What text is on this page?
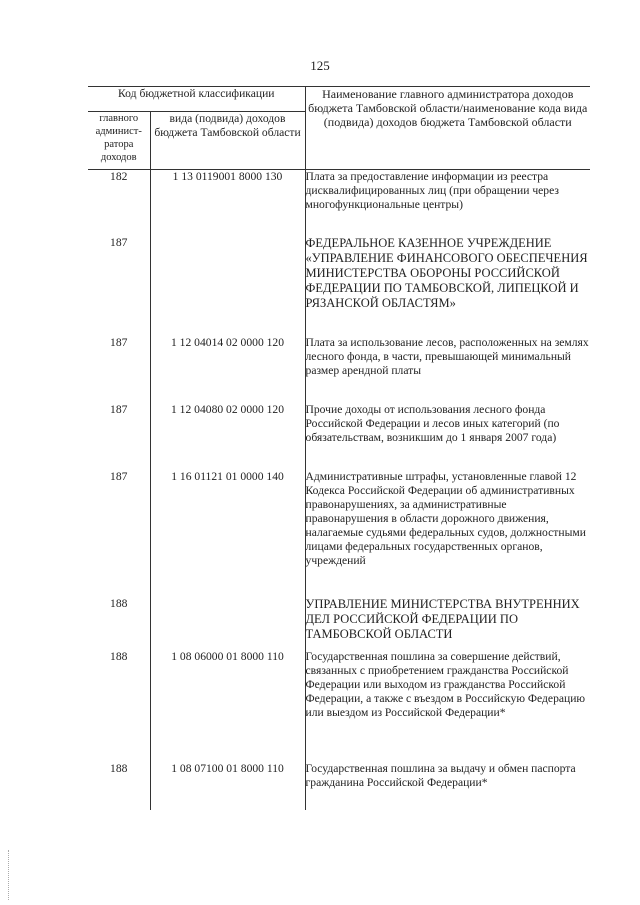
125
Код бюджетной классификации		Наименование главного администратора доходов бюджета Тамбовской области/наименование кода вида (подвида) доходов бюджета Тамбовской области
главного админист-ратора доходов	вида (подвида) доходов бюджета Тамбовской области	
182	1 13 0119001 8000 130	Плата за предоставление информации из реестра дисквалифицированных лиц (при обращении через многофункциональные центры)
187		ФЕДЕРАЛЬНОЕ КАЗЕННОЕ УЧРЕЖДЕНИЕ «УПРАВЛЕНИЕ ФИНАНСОВОГО ОБЕСПЕЧЕНИЯ МИНИСТЕРСТВА ОБОРОНЫ РОССИЙСКОЙ ФЕДЕРАЦИИ ПО ТАМБОВСКОЙ, ЛИПЕЦКОЙ И РЯЗАНСКОЙ ОБЛАСТЯМ»
187	1 12 04014 02 0000 120	Плата за использование лесов, расположенных на землях лесного фонда, в части, превышающей минимальный размер арендной платы
187	1 12 04080 02 0000 120	Прочие доходы от использования лесного фонда Российской Федерации и лесов иных категорий (по обязательствам, возникшим до 1 января 2007 года)
187	1 16 01121 01 0000 140	Административные штрафы, установленные главой 12 Кодекса Российской Федерации об административных правонарушениях, за административные правонарушения в области дорожного движения, налагаемые судьями федеральных судов, должностными лицами федеральных государственных органов, учреждений
188		УПРАВЛЕНИЕ МИНИСТЕРСТВА ВНУТРЕННИХ ДЕЛ РОССИЙСКОЙ ФЕДЕРАЦИИ ПО ТАМБОВСКОЙ ОБЛАСТИ
188	1 08 06000 01 8000 110	Государственная пошлина за совершение действий, связанных с приобретением гражданства Российской Федерации или выходом из гражданства Российской Федерации, а также с въездом в Российскую Федерацию или выездом из Российской Федерации*
188	1 08 07100 01 8000 110	Государственная пошлина за выдачу и обмен паспорта гражданина Российской Федерации*
